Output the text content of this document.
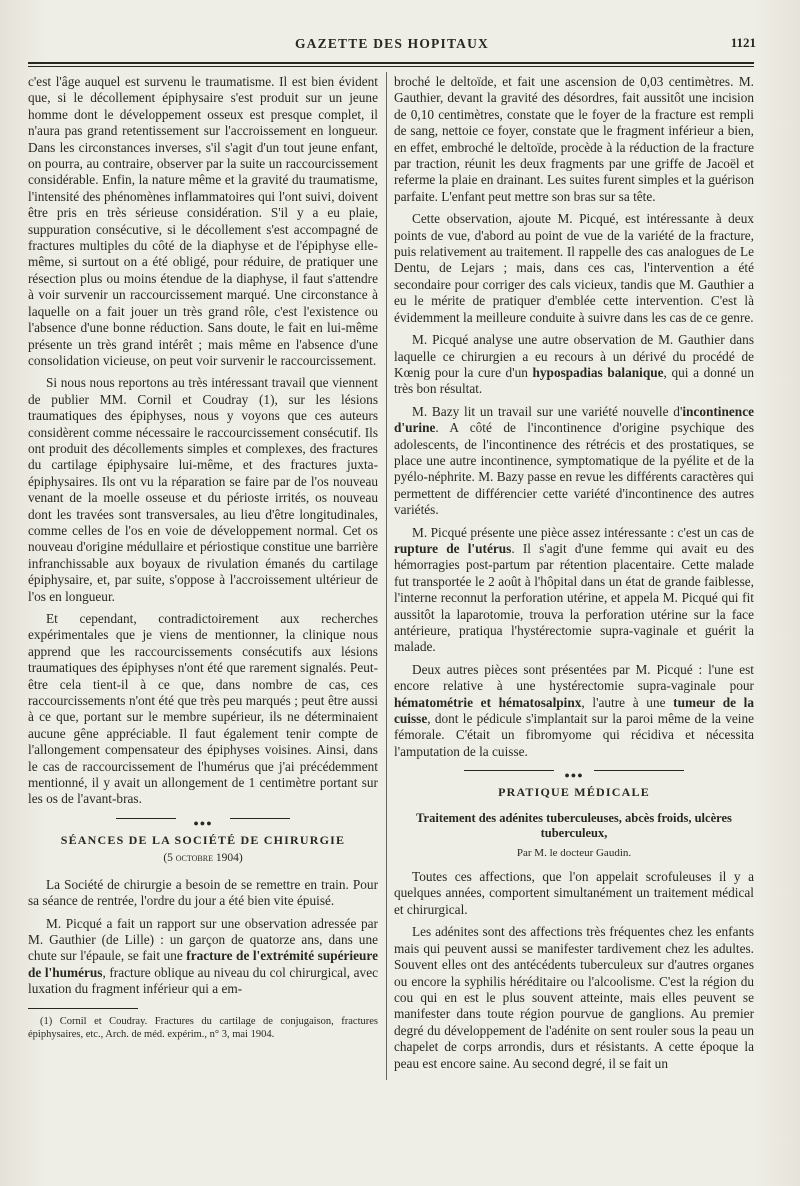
GAZETTE DES HOPITAUX	1121

c'est l'âge auquel est survenu le traumatisme. Il est bien évident que, si le décollement épiphysaire s'est produit sur un jeune homme dont le développement osseux est presque complet, il n'aura pas grand retentissement sur l'accroissement en longueur. Dans les circonstances inverses, s'il s'agit d'un tout jeune enfant, on pourra, au contraire, observer par la suite un raccourcissement considérable. Enfin, la nature même et la gravité du traumatisme, l'intensité des phénomènes inflammatoires qui l'ont suivi, doivent être pris en très sérieuse considération. S'il y a eu plaie, suppuration consécutive, si le décollement s'est accompagné de fractures multiples du côté de la diaphyse et de l'épiphyse elle-même, si surtout on a été obligé, pour réduire, de pratiquer une résection plus ou moins étendue de la diaphyse, il faut s'attendre à voir survenir un raccourcissement marqué. Une circonstance à laquelle on a fait jouer un très grand rôle, c'est l'existence ou l'absence d'une bonne réduction. Sans doute, le fait en lui-même présente un très grand intérêt ; mais même en l'absence d'une consolidation vicieuse, on peut voir survenir le raccourcissement.

Si nous nous reportons au très intéressant travail que viennent de publier MM. Cornil et Coudray (1), sur les lésions traumatiques des épiphyses, nous y voyons que ces auteurs considèrent comme nécessaire le raccourcissement consécutif. Ils ont produit des décollements simples et complexes, des fractures du cartilage épiphysaire lui-même, et des fractures juxta-épiphysaires. Ils ont vu la réparation se faire par de l'os nouveau venant de la moelle osseuse et du périoste irrités, os nouveau dont les travées sont transversales, au lieu d'être longitudinales, comme celles de l'os en voie de développement normal. Cet os nouveau d'origine médullaire et périostique constitue une barrière infranchissable aux boyaux de rivulation émanés du cartilage épiphysaire, et, par suite, s'oppose à l'accroissement ultérieur de l'os en longueur.

Et cependant, contradictoirement aux recherches expérimentales que je viens de mentionner, la clinique nous apprend que les raccourcissements consécutifs aux lésions traumatiques des épiphyses n'ont été que rarement signalés. Peut-être cela tient-il à ce que, dans nombre de cas, ces raccourcissements n'ont été que très peu marqués ; peut être aussi à ce que, portant sur le membre supérieur, ils ne déterminaient aucune gêne appréciable. Il faut également tenir compte de l'allongement compensateur des épiphyses voisines. Ainsi, dans le cas de raccourcissement de l'humérus que j'ai précédemment mentionné, il y avait un allongement de 1 centimètre portant sur les os de l'avant-bras.

●●●
SÉANCES DE LA SOCIÉTÉ DE CHIRURGIE
(5 octobre 1904)

La Société de chirurgie a besoin de se remettre en train. Pour sa séance de rentrée, l'ordre du jour a été bien vite épuisé.

M. Picqué a fait un rapport sur une observation adressée par M. Gauthier (de Lille) : un garçon de quatorze ans, dans une chute sur l'épaule, se fait une fracture de l'extrémité supérieure de l'humérus, fracture oblique au niveau du col chirurgical, avec luxation du fragment inférieur qui a em-

(1) Cornil et Coudray. Fractures du cartilage de conjugaison, fractures épiphysaires, etc., Arch. de méd. expérim., n° 3, mai 1904.

broché le deltoïde, et fait une ascension de 0,03 centimètres. M. Gauthier, devant la gravité des désordres, fait aussitôt une incision de 0,10 centimètres, constate que le foyer de la fracture est rempli de sang, nettoie ce foyer, constate que le fragment inférieur a bien, en effet, embroché le deltoïde, procède à la réduction de la fracture par traction, réunit les deux fragments par une griffe de Jacoël et referme la plaie en drainant. Les suites furent simples et la guérison parfaite. L'enfant peut mettre son bras sur sa tête.

Cette observation, ajoute M. Picqué, est intéressante à deux points de vue, d'abord au point de vue de la variété de la fracture, puis relativement au traitement. Il rappelle des cas analogues de Le Dentu, de Lejars ; mais, dans ces cas, l'intervention a été secondaire pour corriger des cals vicieux, tandis que M. Gauthier a eu le mérite de pratiquer d'emblée cette intervention. C'est là évidemment la meilleure conduite à suivre dans les cas de ce genre.

M. Picqué analyse une autre observation de M. Gauthier dans laquelle ce chirurgien a eu recours à un dérivé du procédé de Kœnig pour la cure d'un hypospadias balanique, qui a donné un très bon résultat.

M. Bazy lit un travail sur une variété nouvelle d'incontinence d'urine. A côté de l'incontinence d'origine psychique des adolescents, de l'incontinence des rétrécis et des prostatiques, se place une autre incontinence, symptomatique de la pyélite et de la pyélo-néphrite. M. Bazy passe en revue les différents caractères qui permettent de différencier cette variété d'incontinence des autres variétés.

M. Picqué présente une pièce assez intéressante : c'est un cas de rupture de l'utérus. Il s'agit d'une femme qui avait eu des hémorragies post-partum par rétention placentaire. Cette malade fut transportée le 2 août à l'hôpital dans un état de grande faiblesse, l'interne reconnut la perforation utérine, et appela M. Picqué qui fit aussitôt la laparotomie, trouva la perforation utérine sur la face antérieure, pratiqua l'hystérectomie supra-vaginale et guérit la malade.

Deux autres pièces sont présentées par M. Picqué : l'une est encore relative à une hystérectomie supra-vaginale pour hématométrie et hématosalpinx, l'autre à une tumeur de la cuisse, dont le pédicule s'implantait sur la paroi même de la veine fémorale. C'était un fibromyome qui récidiva et nécessita l'amputation de la cuisse.

●●●
PRATIQUE MÉDICALE
Traitement des adénites tuberculeuses, abcès froids, ulcères tuberculeux,
Par M. le docteur Gaudin.

Toutes ces affections, que l'on appelait scrofuleuses il y a quelques années, comportent simultanément un traitement médical et chirurgical.

Les adénites sont des affections très fréquentes chez les enfants mais qui peuvent aussi se manifester tardivement chez les adultes. Souvent elles ont des antécédents tuberculeux sur d'autres organes ou encore la syphilis héréditaire ou l'alcoolisme. C'est la région du cou qui en est le plus souvent atteinte, mais elles peuvent se manifester dans toute région pourvue de ganglions. Au premier degré du développement de l'adénite on sent rouler sous la peau un chapelet de corps arrondis, durs et résistants. A cette époque la peau est encore saine. Au second degré, il se fait un
